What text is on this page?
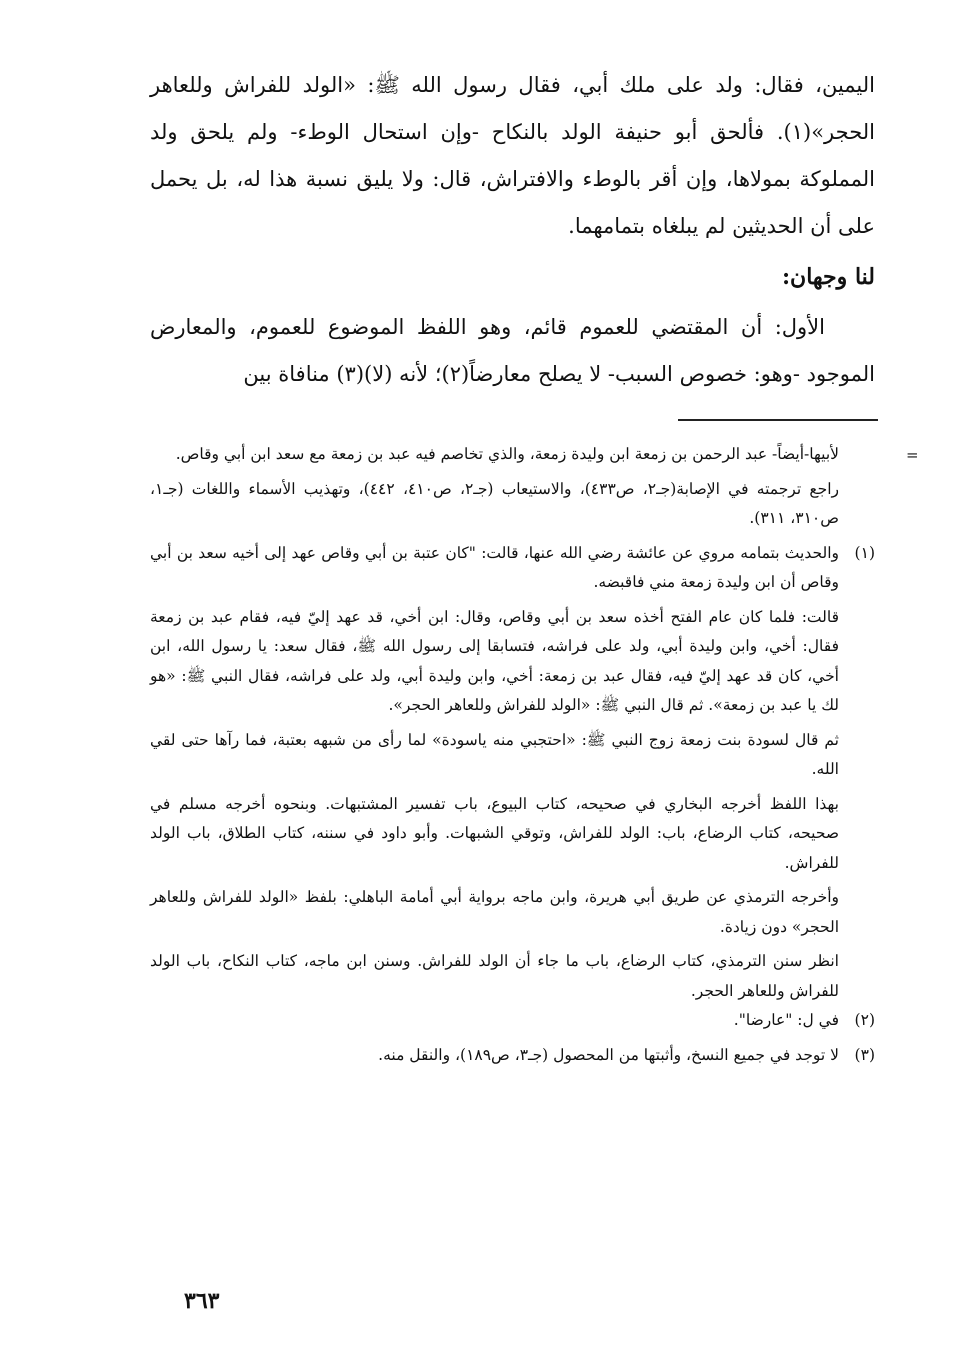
اليمين، فقال: ولد على ملك أبي، فقال رسول الله ﷺ: «الولد للفراش وللعاهر الحجر»(١). فألحق أبو حنيفة الولد بالنكاح -وإن استحال الوطء- ولم يلحق ولد المملوكة بمولاها، وإن أقر بالوطء والافتراش، قال: ولا يليق نسبة هذا له، بل يحمل على أن الحديثين لم يبلغاه بتمامهما.

لنا وجهان:

الأول: أن المقتضي للعموم قائم، وهو اللفظ الموضوع للعموم، والمعارض الموجود -وهو: خصوص السبب- لا يصلح معارضاً(٢)؛ لأنه (لا)(٣) منافاة بين

=

لأبيها-أيضاً- عبد الرحمن بن زمعة ابن وليدة زمعة، والذي تخاصم فيه عبد بن زمعة مع سعد ابن أبي وقاص.

راجع ترجمته في الإصابة(جـ٢، ص٤٣٣)، والاستيعاب (جـ٢، ص٤١٠، ٤٤٢)، وتهذيب الأسماء واللغات (جـ١، ص٣١٠، ٣١١).

(١)
والحديث بتمامه مروي عن عائشة رضي الله عنها، قالت: "كان عتبة بن أبي وقاص عهد إلى أخيه سعد بن أبي وقاص أن ابن وليدة زمعة مني فاقبضه.

قالت: فلما كان عام الفتح أخذه سعد بن أبي وقاص، وقال: ابن أخي، قد عهد إليّ فيه، فقام عبد بن زمعة فقال: أخي، وابن وليدة أبي، ولد على فراشه، فتسابقا إلى رسول الله ﷺ، فقال سعد: يا رسول الله، ابن أخي، كان قد عهد إليّ فيه، فقال عبد بن زمعة: أخي، وابن وليدة أبي، ولد على فراشه، فقال النبي ﷺ: «هو لك يا عبد بن زمعة». ثم قال النبي ﷺ: «الولد للفراش وللعاهر الحجر».

ثم قال لسودة بنت زمعة زوج النبي ﷺ: «احتجبي منه ياسودة» لما رأى من شبهه بعتبة، فما رآها حتى لقي الله.

بهذا اللفظ أخرجه البخاري في صحيحه، كتاب البيوع، باب تفسير المشتبهات. وبنحوه أخرجه مسلم في صحيحه، كتاب الرضاع، باب: الولد للفراش، وتوقي الشبهات. وأبو داود في سننه، كتاب الطلاق، باب الولد للفراش.

وأخرجه الترمذي عن طريق أبي هريرة، وابن ماجه برواية أبي أمامة الباهلي: بلفظ «الولد للفراش وللعاهر الحجر» دون زيادة.

انظر سنن الترمذي، كتاب الرضاع، باب ما جاء أن الولد للفراش. وسنن ابن ماجه، كتاب النكاح، باب الولد للفراش وللعاهر الحجر.

(٢)
في ل: "عارضا".

(٣)
لا توجد في جميع النسخ، وأثبتها من المحصول (جـ٣، ص١٨٩)، والنقل منه.

٣٦٣
